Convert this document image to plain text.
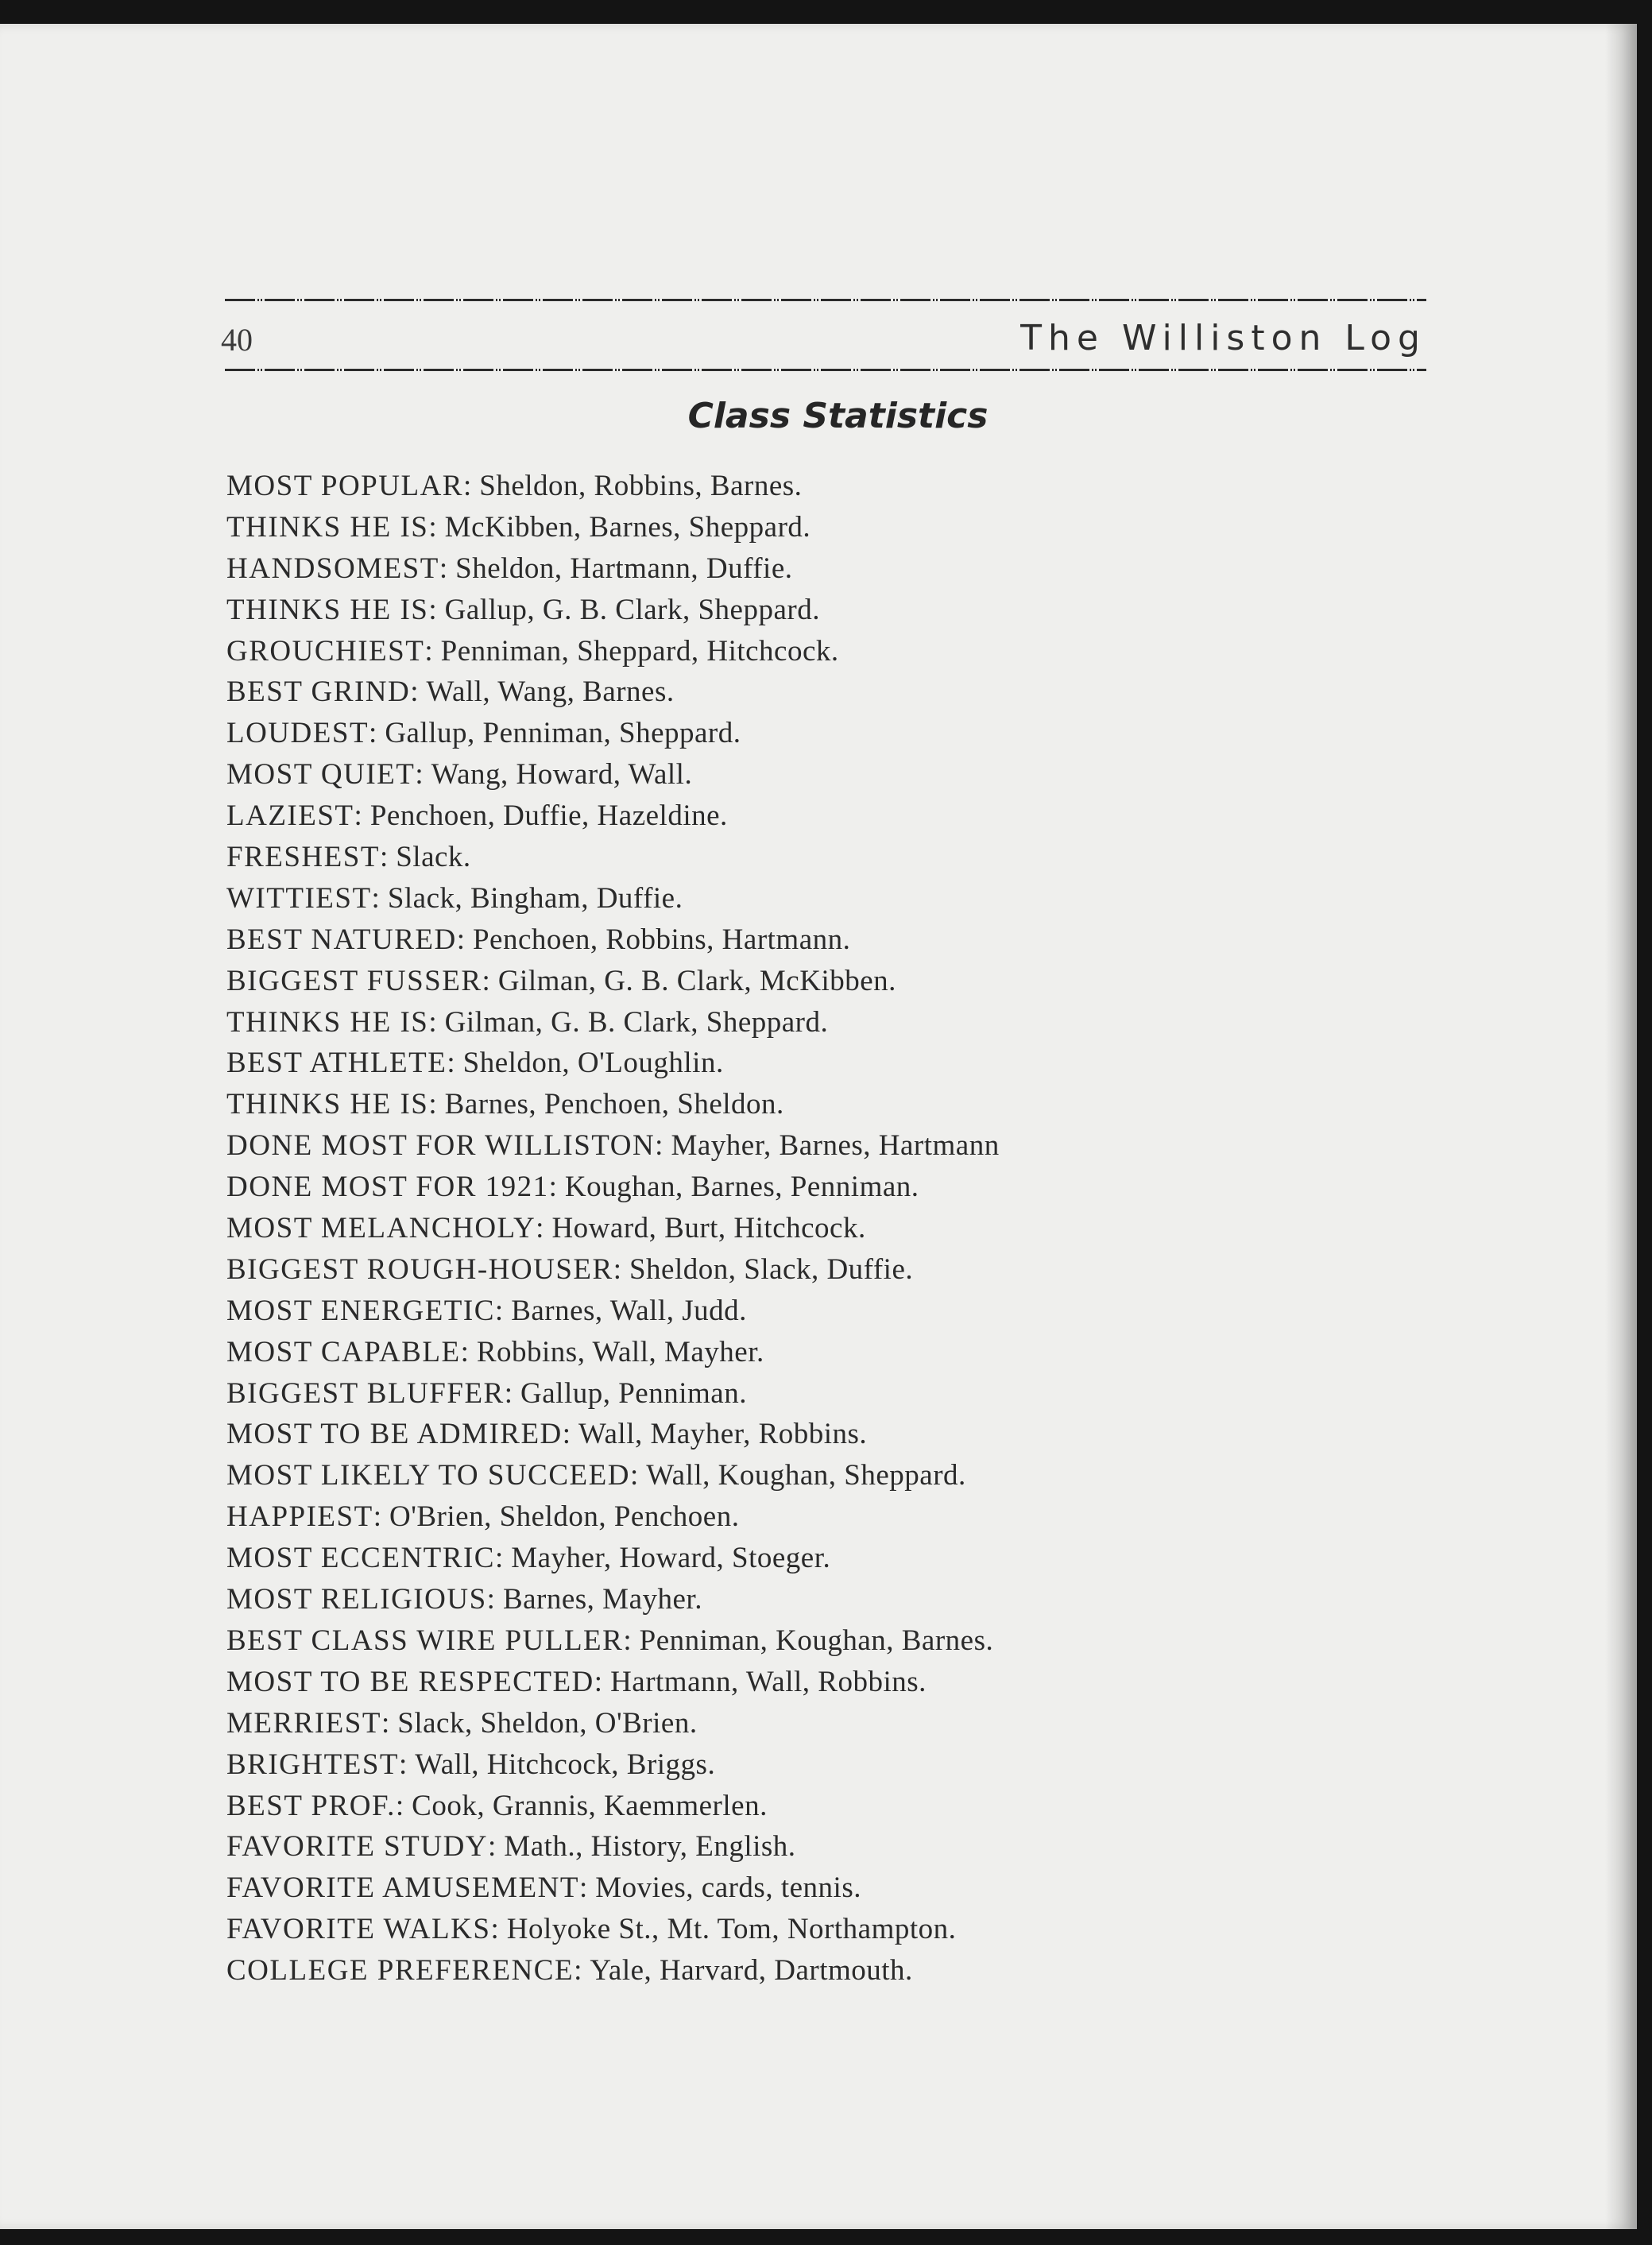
40	The Williston Log
Class Statistics
MOST POPULAR: Sheldon, Robbins, Barnes.
THINKS HE IS: McKibben, Barnes, Sheppard.
HANDSOMEST: Sheldon, Hartmann, Duffie.
THINKS HE IS: Gallup, G. B. Clark, Sheppard.
GROUCHIEST: Penniman, Sheppard, Hitchcock.
BEST GRIND: Wall, Wang, Barnes.
LOUDEST: Gallup, Penniman, Sheppard.
MOST QUIET: Wang, Howard, Wall.
LAZIEST: Penchoen, Duffie, Hazeldine.
FRESHEST: Slack.
WITTIEST: Slack, Bingham, Duffie.
BEST NATURED: Penchoen, Robbins, Hartmann.
BIGGEST FUSSER: Gilman, G. B. Clark, McKibben.
THINKS HE IS: Gilman, G. B. Clark, Sheppard.
BEST ATHLETE: Sheldon, O'Loughlin.
THINKS HE IS: Barnes, Penchoen, Sheldon.
DONE MOST FOR WILLISTON: Mayher, Barnes, Hartmann
DONE MOST FOR 1921: Koughan, Barnes, Penniman.
MOST MELANCHOLY: Howard, Burt, Hitchcock.
BIGGEST ROUGH-HOUSER: Sheldon, Slack, Duffie.
MOST ENERGETIC: Barnes, Wall, Judd.
MOST CAPABLE: Robbins, Wall, Mayher.
BIGGEST BLUFFER: Gallup, Penniman.
MOST TO BE ADMIRED: Wall, Mayher, Robbins.
MOST LIKELY TO SUCCEED: Wall, Koughan, Sheppard.
HAPPIEST: O'Brien, Sheldon, Penchoen.
MOST ECCENTRIC: Mayher, Howard, Stoeger.
MOST RELIGIOUS: Barnes, Mayher.
BEST CLASS WIRE PULLER: Penniman, Koughan, Barnes.
MOST TO BE RESPECTED: Hartmann, Wall, Robbins.
MERRIEST: Slack, Sheldon, O'Brien.
BRIGHTEST: Wall, Hitchcock, Briggs.
BEST PROF.: Cook, Grannis, Kaemmerlen.
FAVORITE STUDY: Math., History, English.
FAVORITE AMUSEMENT: Movies, cards, tennis.
FAVORITE WALKS: Holyoke St., Mt. Tom, Northampton.
COLLEGE PREFERENCE: Yale, Harvard, Dartmouth.
